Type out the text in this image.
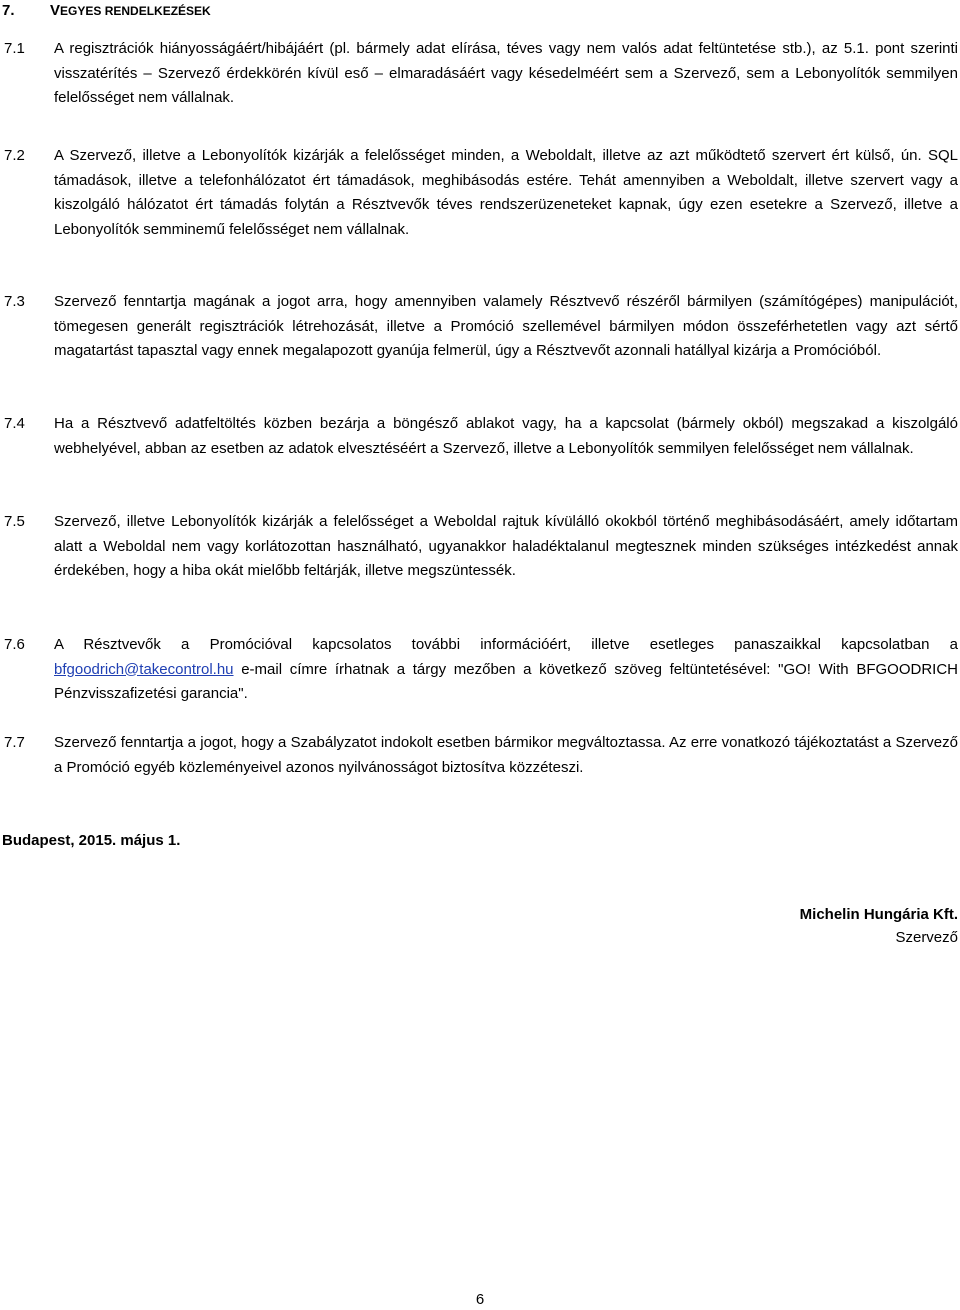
7. VEGYES RENDELKEZÉSEK
7.1	A regisztrációk hiányosságáért/hibájáért (pl. bármely adat elírása, téves vagy nem valós adat feltüntetése stb.), az 5.1. pont szerinti visszatérítés – Szervező érdekkörén kívül eső – elmaradásáért vagy késedelméért sem a Szervező, sem a Lebonyolítók semmilyen felelősséget nem vállalnak.
7.2	A Szervező, illetve a Lebonyolítók kizárják a felelősséget minden, a Weboldalt, illetve az azt működtető szervert ért külső, ún. SQL támadások, illetve a telefonhálózatot ért támadások, meghibásodás estére. Tehát amennyiben a Weboldalt, illetve szervert vagy a kiszolgáló hálózatot ért támadás folytán a Résztvevők téves rendszerüzeneteket kapnak, úgy ezen esetekre a Szervező, illetve a Lebonyolítók semminemű felelősséget nem vállalnak.
7.3	Szervező fenntartja magának a jogot arra, hogy amennyiben valamely Résztvevő részéről bármilyen (számítógépes) manipulációt, tömegesen generált regisztrációk létrehozását, illetve a Promóció szellemével bármilyen módon összeférhetetlen vagy azt sértő magatartást tapasztal vagy ennek megalapozott gyanúja felmerül, úgy a Résztvevőt azonnali hatállyal kizárja a Promócióból.
7.4	Ha a Résztvevő adatfeltöltés közben bezárja a böngésző ablakot vagy, ha a kapcsolat (bármely okból) megszakad a kiszolgáló webhelyével, abban az esetben az adatok elvesztéséért a Szervező, illetve a Lebonyolítók semmilyen felelősséget nem vállalnak.
7.5	Szervező, illetve Lebonyolítók kizárják a felelősséget a Weboldal rajtuk kívülálló okokból történő meghibásodásáért, amely időtartam alatt a Weboldal nem vagy korlátozottan használható, ugyanakkor haladéktalanul megtesznek minden szükséges intézkedést annak érdekében, hogy a hiba okát mielőbb feltárják, illetve megszüntessék.
7.6	A Résztvevők a Promócióval kapcsolatos további információért, illetve esetleges panaszaikkal kapcsolatban a bfgoodrich@takecontrol.hu e-mail címre írhatnak a tárgy mezőben a következő szöveg feltüntetésével: "GO! With BFGOODRICH Pénzvisszafizetési garancia".
7.7	Szervező fenntartja a jogot, hogy a Szabályzatot indokolt esetben bármikor megváltoztassa. Az erre vonatkozó tájékoztatást a Szervező a Promóció egyéb közleményeivel azonos nyilvánosságot biztosítva közzéteszi.
Budapest, 2015. május 1.
Michelin Hungária Kft.
Szervező
6
